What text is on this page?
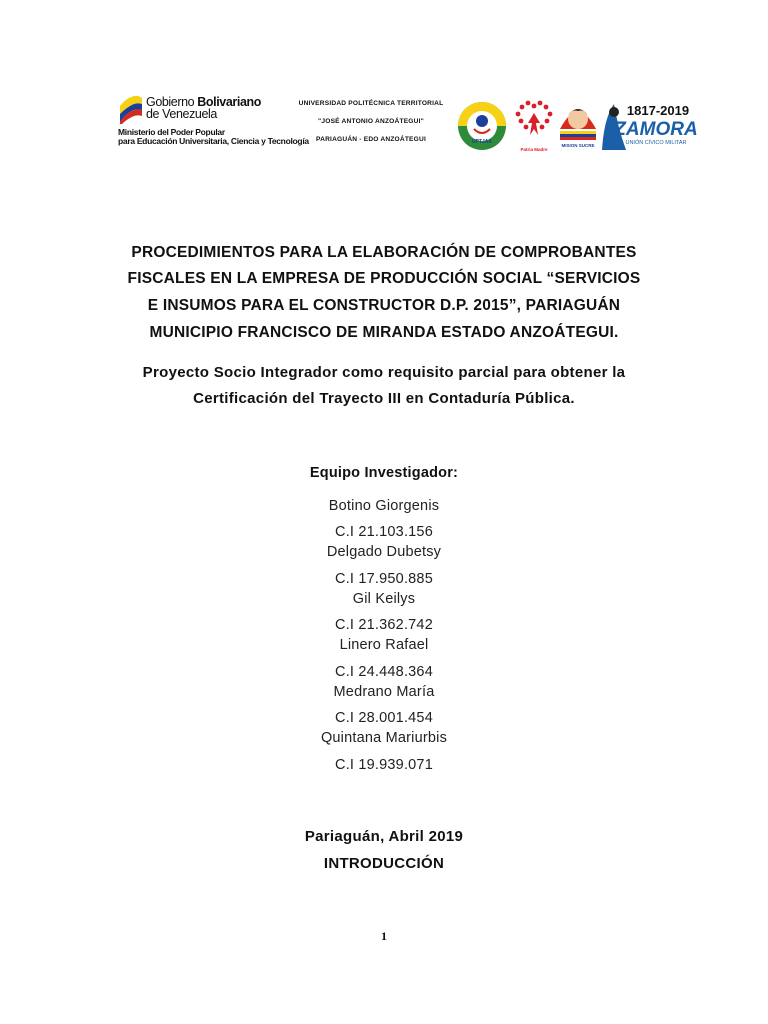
Gobierno Bolivariano
de Venezuela
Ministerio del Poder Popular
para Educación Universitaria, Ciencia y Tecnología
UNIVERSIDAD POLITÉCNICA TERRITORIAL
"JOSÉ ANTONIO ANZOÁTEGUI"
PARIAGUÁN - EDO ANZOÁTEGUI	UPTJAA
Patria Madre
MISION SUCRE
1817-2019
ZAMORA
UNIÓN CÍVICO MILITAR
PROCEDIMIENTOS PARA LA ELABORACIÓN DE COMPROBANTES
FISCALES EN LA EMPRESA DE PRODUCCIÓN SOCIAL “SERVICIOS
E INSUMOS PARA EL CONSTRUCTOR D.P. 2015”, PARIAGUÁN
MUNICIPIO FRANCISCO DE MIRANDA ESTADO ANZOÁTEGUI.
Proyecto Socio Integrador como requisito parcial para obtener la
Certificación del Trayecto III en Contaduría Pública.
Equipo Investigador:
Botino Giorgenis
C.I 21.103.156
Delgado Dubetsy
C.I 17.950.885
Gil Keilys
C.I 21.362.742
Linero Rafael
C.I 24.448.364
Medrano María
C.I 28.001.454
Quintana Mariurbis
C.I 19.939.071
Pariaguán, Abril 2019
INTRODUCCIÓN
1
